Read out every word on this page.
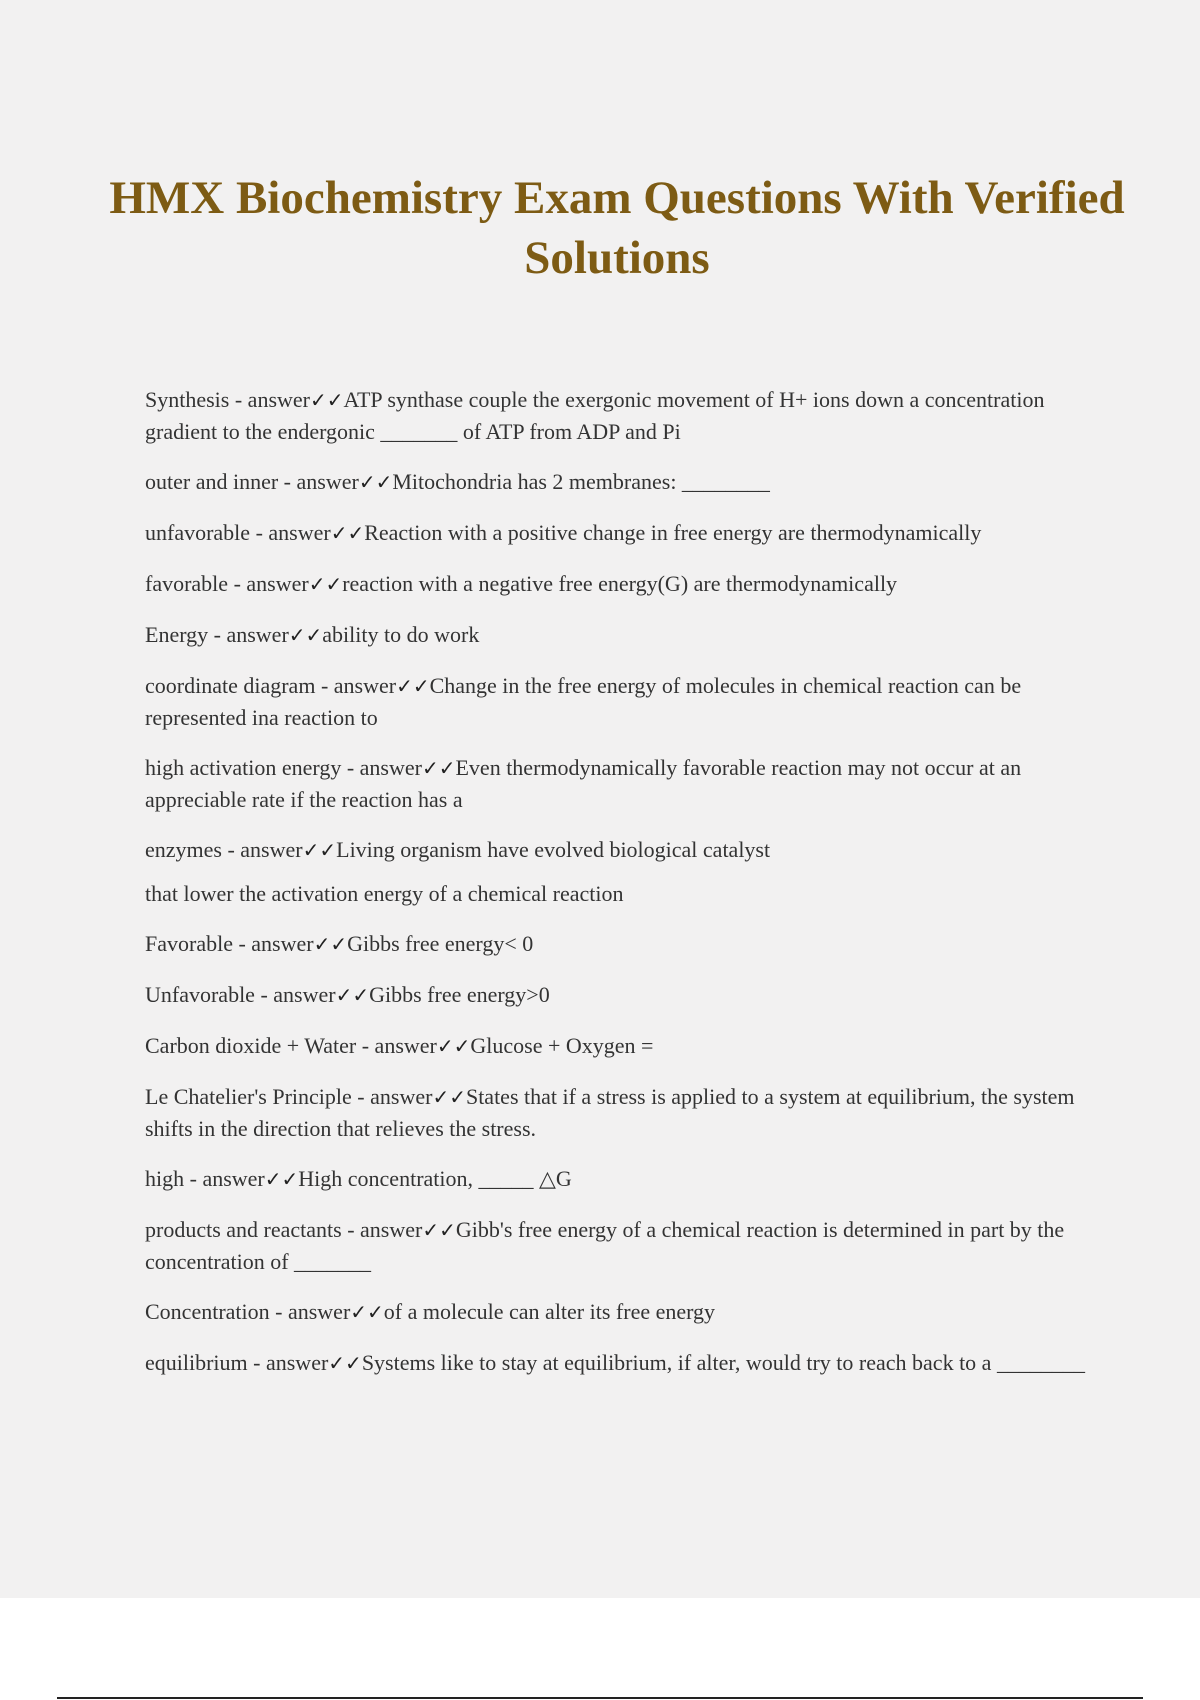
HMX Biochemistry Exam Questions With Verified Solutions

Synthesis - answer✓✓ATP synthase couple the exergonic movement of H+ ions down a concentration gradient to the endergonic _______ of ATP from ADP and Pi

outer and inner - answer✓✓Mitochondria has 2 membranes: ________

unfavorable - answer✓✓Reaction with a positive change in free energy are thermodynamically

favorable - answer✓✓reaction with a negative free energy(G) are thermodynamically

Energy - answer✓✓ability to do work

coordinate diagram - answer✓✓Change in the free energy of molecules in chemical reaction can be represented ina reaction to

high activation energy - answer✓✓Even thermodynamically favorable reaction may not occur at an appreciable rate if the reaction has a

enzymes - answer✓✓Living organism have evolved biological catalyst

that lower the activation energy of a chemical reaction

Favorable - answer✓✓Gibbs free energy< 0

Unfavorable - answer✓✓Gibbs free energy>0

Carbon dioxide + Water - answer✓✓Glucose + Oxygen =

Le Chatelier's Principle - answer✓✓States that if a stress is applied to a system at equilibrium, the system shifts in the direction that relieves the stress.

high - answer✓✓High concentration, _____ △G

products and reactants - answer✓✓Gibb's free energy of a chemical reaction is determined in part by the concentration of _______

Concentration - answer✓✓of a molecule can alter its free energy

equilibrium - answer✓✓Systems like to stay at equilibrium, if alter, would try to reach back to a ________
